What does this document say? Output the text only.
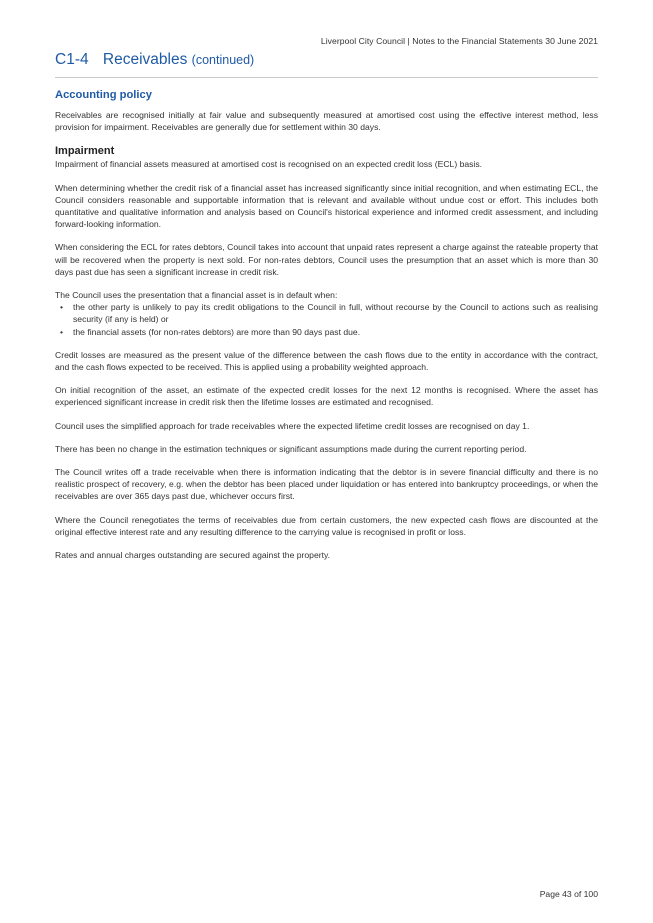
Liverpool City Council | Notes to the Financial Statements 30 June 2021
C1-4 Receivables (continued)
Accounting policy

Receivables are recognised initially at fair value and subsequently measured at amortised cost using the effective interest method, less provision for impairment. Receivables are generally due for settlement within 30 days.

Impairment

Impairment of financial assets measured at amortised cost is recognised on an expected credit loss (ECL) basis.

When determining whether the credit risk of a financial asset has increased significantly since initial recognition, and when estimating ECL, the Council considers reasonable and supportable information that is relevant and available without undue cost or effort. This includes both quantitative and qualitative information and analysis based on Council's historical experience and informed credit assessment, and including forward-looking information.

When considering the ECL for rates debtors, Council takes into account that unpaid rates represent a charge against the rateable property that will be recovered when the property is next sold. For non-rates debtors, Council uses the presumption that an asset which is more than 30 days past due has seen a significant increase in credit risk.

The Council uses the presentation that a financial asset is in default when:

• the other party is unlikely to pay its credit obligations to the Council in full, without recourse by the Council to actions such as realising security (if any is held) or
• the financial assets (for non-rates debtors) are more than 90 days past due.

Credit losses are measured as the present value of the difference between the cash flows due to the entity in accordance with the contract, and the cash flows expected to be received. This is applied using a probability weighted approach.

On initial recognition of the asset, an estimate of the expected credit losses for the next 12 months is recognised. Where the asset has experienced significant increase in credit risk then the lifetime losses are estimated and recognised.

Council uses the simplified approach for trade receivables where the expected lifetime credit losses are recognised on day 1.

There has been no change in the estimation techniques or significant assumptions made during the current reporting period.

The Council writes off a trade receivable when there is information indicating that the debtor is in severe financial difficulty and there is no realistic prospect of recovery, e.g. when the debtor has been placed under liquidation or has entered into bankruptcy proceedings, or when the receivables are over 365 days past due, whichever occurs first.

Where the Council renegotiates the terms of receivables due from certain customers, the new expected cash flows are discounted at the original effective interest rate and any resulting difference to the carrying value is recognised in profit or loss.

Rates and annual charges outstanding are secured against the property.

Page 43 of 100
